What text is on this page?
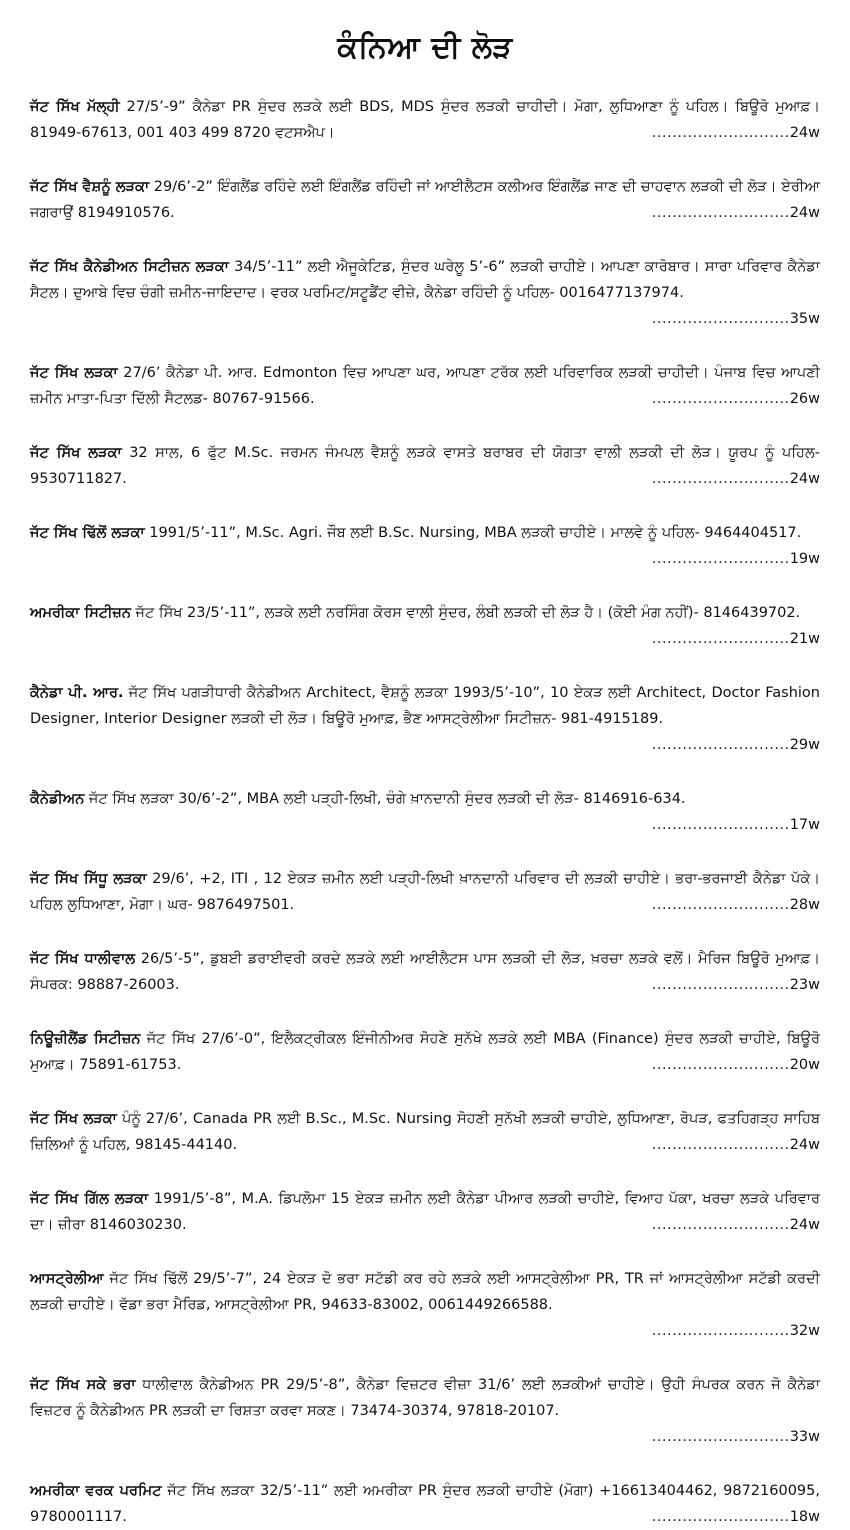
ਕੰਨਿਆ ਦੀ ਲੋੜ
ਜੱਟ ਸਿੱਖ ਮੱਲ੍ਹੀ 27/5’-9” ਕੈਨੇਡਾ PR ਸੁੰਦਰ ਲੜਕੇ ਲਈ BDS, MDS ਸੁੰਦਰ ਲੜਕੀ ਚਾਹੀਦੀ। ਮੋਗਾ, ਲੁਧਿਆਣਾ ਨੂੰ ਪਹਿਲ। ਬਿਊਰੋ ਮੁਆਫ਼। 81949-67613, 001 403 499 8720 ਵਟਸਐਪ।	........................... 24w
ਜੱਟ ਸਿੱਖ ਵੈਸ਼ਨੂੰ ਲੜਕਾ 29/6’-2” ਇੰਗਲੈਂਡ ਰਹਿੰਦੇ ਲਈ ਇੰਗਲੈਂਡ ਰਹਿੰਦੀ ਜਾਂ ਆਈਲੈਟਸ ਕਲੀਅਰ ਇੰਗਲੈਂਡ ਜਾਣ ਦੀ ਚਾਹਵਾਨ ਲੜਕੀ ਦੀ ਲੋੜ। ਏਰੀਆ ਜਗਰਾਉਂ 8194910576.	........................... 24w
ਜੱਟ ਸਿੱਖ ਕੈਨੇਡੀਅਨ ਸਿਟੀਜ਼ਨ ਲੜਕਾ 34/5’-11” ਲਈ ਐਜੂਕੇਟਿਡ, ਸੁੰਦਰ ਘਰੇਲੂ 5’-6” ਲੜਕੀ ਚਾਹੀਏ। ਆਪਣਾ ਕਾਰੋਬਾਰ। ਸਾਰਾ ਪਰਿਵਾਰ ਕੈਨੇਡਾ ਸੈਟਲ। ਦੁਆਬੇ ਵਿਚ ਚੰਗੀ ਜ਼ਮੀਨ-ਜਾਇਦਾਦ। ਵਰਕ ਪਰਮਿਟ/ਸਟੂਡੈਂਟ ਵੀਜ਼ੇ, ਕੈਨੇਡਾ ਰਹਿੰਦੀ ਨੂੰ ਪਹਿਲ- 0016477137974.
........................... 35w
ਜੱਟ ਸਿੱਖ ਲੜਕਾ 27/6’ ਕੈਨੇਡਾ ਪੀ. ਆਰ. Edmonton ਵਿਚ ਆਪਣਾ ਘਰ, ਆਪਣਾ ਟਰੱਕ ਲਈ ਪਰਿਵਾਰਿਕ ਲੜਕੀ ਚਾਹੀਦੀ। ਪੰਜਾਬ ਵਿਚ ਆਪਣੀ ਜ਼ਮੀਨ ਮਾਤਾ-ਪਿਤਾ ਦਿੱਲੀ ਸੈਟਲਡ- 80767-91566.	........................... 26w
ਜੱਟ ਸਿੱਖ ਲੜਕਾ 32 ਸਾਲ, 6 ਫੁੱਟ M.Sc. ਜਰਮਨ ਜੰਮਪਲ ਵੈਸ਼ਨੂੰ ਲੜਕੇ ਵਾਸਤੇ ਬਰਾਬਰ ਦੀ ਯੋਗਤਾ ਵਾਲੀ ਲੜਕੀ ਦੀ ਲੋੜ। ਯੂਰਪ ਨੂੰ ਪਹਿਲ- 9530711827.	........................... 24w
ਜੱਟ ਸਿੱਖ ਢਿੱਲੋਂ ਲੜਕਾ 1991/5’-11”, M.Sc. Agri. ਜੌਬ ਲਈ B.Sc. Nursing, MBA ਲੜਕੀ ਚਾਹੀਏ। ਮਾਲਵੇ ਨੂੰ ਪਹਿਲ- 9464404517.
........................... 19w
ਅਮਰੀਕਾ ਸਿਟੀਜ਼ਨ ਜੱਟ ਸਿੱਖ 23/5’-11”, ਲੜਕੇ ਲਈ ਨਰਸਿੰਗ ਕੋਰਸ ਵਾਲੀ ਸੁੰਦਰ, ਲੰਬੀ ਲੜਕੀ ਦੀ ਲੋੜ ਹੈ। (ਕੋਈ ਮੰਗ ਨਹੀਂ)- 8146439702.
........................... 21w
ਕੈਨੇਡਾ ਪੀ. ਆਰ. ਜੱਟ ਸਿੱਖ ਪਗੜੀਧਾਰੀ ਕੈਨੇਡੀਅਨ Architect, ਵੈਸ਼ਨੂੰ ਲੜਕਾ 1993/5’-10”, 10 ਏਕੜ ਲਈ Architect, Doctor Fashion Designer, Interior Designer ਲੜਕੀ ਦੀ ਲੋੜ। ਬਿਊਰੋ ਮੁਆਫ਼, ਭੈਣ ਆਸਟ੍ਰੇਲੀਆ ਸਿਟੀਜ਼ਨ- 981-4915189.
........................... 29w
ਕੈਨੇਡੀਅਨ ਜੱਟ ਸਿੱਖ ਲੜਕਾ 30/6’-2”, MBA ਲਈ ਪੜ੍ਹੀ-ਲਿਖੀ, ਚੰਗੇ ਖ਼ਾਨਦਾਨੀ ਸੁੰਦਰ ਲੜਕੀ ਦੀ ਲੋੜ- 8146916-634.
........................... 17w
ਜੱਟ ਸਿੱਖ ਸਿੱਧੂ ਲੜਕਾ 29/6’, +2, ITI , 12 ਏਕੜ ਜ਼ਮੀਨ ਲਈ ਪੜ੍ਹੀ-ਲਿਖੀ ਖ਼ਾਨਦਾਨੀ ਪਰਿਵਾਰ ਦੀ ਲੜਕੀ ਚਾਹੀਏ। ਭਰਾ-ਭਰਜਾਈ ਕੈਨੇਡਾ ਪੱਕੇ। ਪਹਿਲ ਲੁਧਿਆਣਾ, ਮੋਗਾ। ਘਰ- 9876497501.	........................... 28w
ਜੱਟ ਸਿੱਖ ਧਾਲੀਵਾਲ 26/5’-5”, ਡੁਬਈ ਡਰਾਈਵਰੀ ਕਰਦੇ ਲੜਕੇ ਲਈ ਆਈਲੈਟਸ ਪਾਸ ਲੜਕੀ ਦੀ ਲੋੜ, ਖ਼ਰਚਾ ਲੜਕੇ ਵਲੋਂ। ਮੈਰਿਜ ਬਿਊਰੋ ਮੁਆਫ਼। ਸੰਪਰਕ: 98887-26003.	........................... 23w
ਨਿਊਜ਼ੀਲੈਂਡ ਸਿਟੀਜ਼ਨ ਜੱਟ ਸਿੱਖ 27/6’-0”, ਇਲੈਕਟ੍ਰੀਕਲ ਇੰਜੀਨੀਅਰ ਸੋਹਣੇ ਸੁਨੱਖੇ ਲੜਕੇ ਲਈ MBA (Finance) ਸੁੰਦਰ ਲੜਕੀ ਚਾਹੀਏ, ਬਿਊਰੋ ਮੁਆਫ਼। 75891-61753.	........................... 20w
ਜੱਟ ਸਿੱਖ ਲੜਕਾ ਪੰਨੂੰ 27/6’, Canada PR ਲਈ B.Sc., M.Sc. Nursing ਸੋਹਣੀ ਸੁਨੱਖੀ ਲੜਕੀ ਚਾਹੀਏ, ਲੁਧਿਆਣਾ, ਰੋਪੜ, ਫਤਹਿਗੜ੍ਹ ਸਾਹਿਬ ਜ਼ਿਲਿਆਂ ਨੂੰ ਪਹਿਲ, 98145-44140.	........................... 24w
ਜੱਟ ਸਿੱਖ ਗਿੱਲ ਲੜਕਾ 1991/5’-8”, M.A. ਡਿਪਲੋਮਾ 15 ਏਕੜ ਜ਼ਮੀਨ ਲਈ ਕੈਨੇਡਾ ਪੀਆਰ ਲੜਕੀ ਚਾਹੀਏ, ਵਿਆਹ ਪੱਕਾ, ਖਰਚਾ ਲੜਕੇ ਪਰਿਵਾਰ ਦਾ। ਜ਼ੀਰਾ 8146030230.	........................... 24w
ਆਸਟ੍ਰੇਲੀਆ ਜੱਟ ਸਿੱਖ ਢਿੱਲੋਂ 29/5’-7”, 24 ਏਕੜ ਦੋ ਭਰਾ ਸਟੱਡੀ ਕਰ ਰਹੇ ਲੜਕੇ ਲਈ ਆਸਟ੍ਰੇਲੀਆ PR, TR ਜਾਂ ਆਸਟ੍ਰੇਲੀਆ ਸਟੱਡੀ ਕਰਦੀ ਲੜਕੀ ਚਾਹੀਏ। ਵੱਡਾ ਭਰਾ ਮੈਰਿਡ, ਆਸਟ੍ਰੇਲੀਆ PR, 94633-83002, 0061449266588.
........................... 32w
ਜੱਟ ਸਿੱਖ ਸਕੇ ਭਰਾ ਧਾਲੀਵਾਲ ਕੈਨੇਡੀਅਨ PR 29/5’-8”, ਕੈਨੇਡਾ ਵਿਜ਼ਟਰ ਵੀਜ਼ਾ 31/6’ ਲਈ ਲੜਕੀਆਂ ਚਾਹੀਏ। ਉਹੀ ਸੰਪਰਕ ਕਰਨ ਜੋ ਕੈਨੇਡਾ ਵਿਜ਼ਟਰ ਨੂੰ ਕੈਨੇਡੀਅਨ PR ਲੜਕੀ ਦਾ ਰਿਸ਼ਤਾ ਕਰਵਾ ਸਕਣ। 73474-30374, 97818-20107.
........................... 33w
ਅਮਰੀਕਾ ਵਰਕ ਪਰਮਿਟ ਜੱਟ ਸਿੱਖ ਲੜਕਾ 32/5’-11” ਲਈ ਅਮਰੀਕਾ PR ਸੁੰਦਰ ਲੜਕੀ ਚਾਹੀਏ (ਮੋਗਾ) +16613404462, 9872160095, 9780001117.	........................... 18w
